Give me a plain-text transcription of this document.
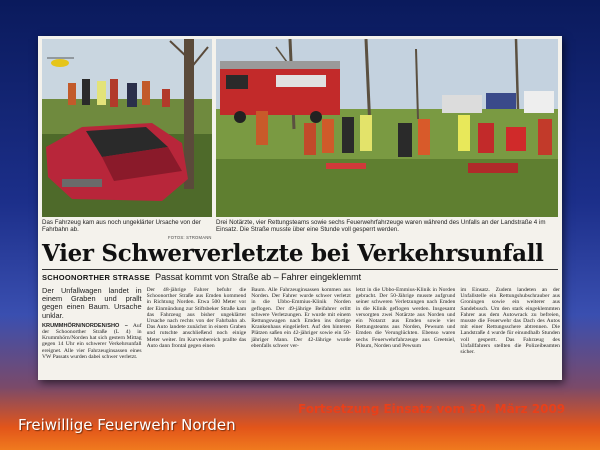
Das Fahrzeug kam aus noch ungeklärter Ursache von der Fahrbahn ab.
FOTOS: STROMANN
Drei Notärzte, vier Rettungsteams sowie sechs Feuerwehrfahrzeuge waren während des Unfalls an der Landstraße 4 im Einsatz. Die Straße musste über eine Stunde voll gesperrt werden.
Vier Schwerverletzte bei Verkehrsunfall
SCHOONORTHER STRASSE Passat kommt von Straße ab – Fahrer eingeklemmt

Der Unfallwagen landet in einem Graben und prallt gegen einen Baum. Ursache unklar.

KRUMMHÖRN/NORDEN/SHO – Auf der Schoonorther Straße (L 4) in Krummhörn/Norden hat sich gestern Mittag gegen 14 Uhr ein schwerer Verkehrsunfall ereignet. Alle vier Fahrzeuginsassen eines VW Passats wurden dabei schwer verletzt.

Der 48-jährige Fahrer befuhr die Schoonorther Straße aus Emden kommend in Richtung Norden. Etwa 500 Meter vor der Einmündung zur Stiftsbeker Straße kam das Fahrzeug aus bisher ungeklärter Ursache nach rechts von der Fahrbahn ab. Das Auto landete zunächst in einem Graben und rutschte anschließend noch einige Meter weiter. Im Kurvenbereich prallte das Auto dann frontal gegen einen

Baum. Alle Fahrzeuginsassen kommen aus Norden. Der Fahrer wurde schwer verletzt in die Ubbo-Emmius-Klinik Norden geflogen. Der 49-jährige Beifahrer erlitt schwere Verletzungen. Er wurde mit einem Rettungswagen nach Emden ins dortige Krankenhaus eingeliefert. Auf den hinteren Plätzen saßen ein 42-jähriger sowie ein 50-jähriger Mann. Der 42-Jährige wurde ebenfalls schwer ver-

letzt in die Ubbo-Emmius-Klinik in Norden gebracht. Der 50-Jährige musste aufgrund seiner schweren Verletzungen nach Emden in die Klinik geflogen werden. Insgesamt versorgten zwei Notärzte aus Norden und ein Notarzt aus Emden sowie vier Rettungsteams aus Norden, Pewsum und Emden die Verunglückten. Ebenso waren sechs Feuerwehrfahrzeuge aus Greetsiel, Pilsum, Norden und Pewsum

im Einsatz. Zudem landeten an der Unfallstelle ein Rettungshubschrauber aus Groningen sowie ein weiterer aus Sandebusch. Um den stark eingeklemmten Fahrer aus dem Autowrack zu befreien, musste die Feuerwehr das Dach des Autos mit einer Rettungsschere abtrennen. Die Landstraße 4 wurde für einundhalb Stunden voll gesperrt. Das Fahrzeug des Unfallfahrers stellten die Polizeibeamten sicher.

Fortsetzung Einsatz vom 30. März 2009
Freiwillige Feuerwehr Norden
